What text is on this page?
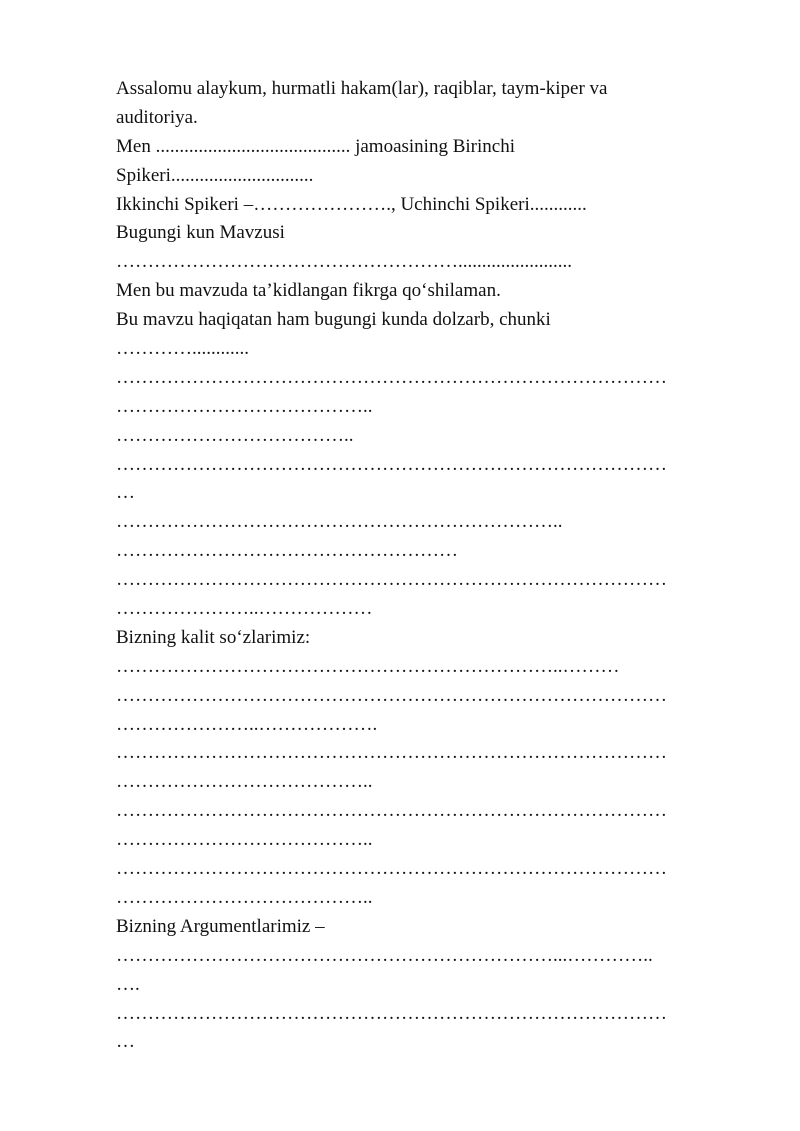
Assalomu alaykum, hurmatli hakam(lar), raqiblar, taym-kiper va
auditoriya.
Men ......................................... jamoasining Birinchi
Spikeri..............................
Ikkinchi Spikeri –…………………., Uchinchi Spikeri............
Bugungi kun Mavzusi
………………………………………………........................
Men bu mavzuda ta’kidlangan fikrga qo‘shilaman.
Bu mavzu haqiqatan ham bugungi kunda dolzarb, chunki
…………............
……………………………………………………………………………
…………………………………..
………………………………..
……………………………………………………………………………
…
……………………………………………………………..
………………………………………………
……………………………………………………………………………
…………………..………………
Bizning kalit so‘zlarimiz:
……………………………………………………………..………
……………………………………………………………………………
…………………..……………….
……………………………………………………………………………
…………………………………..
……………………………………………………………………………
…………………………………..
……………………………………………………………………………
…………………………………..
Bizning Argumentlarimiz –
……………………………………………………………...…………..
….
……………………………………………………………………………
…
